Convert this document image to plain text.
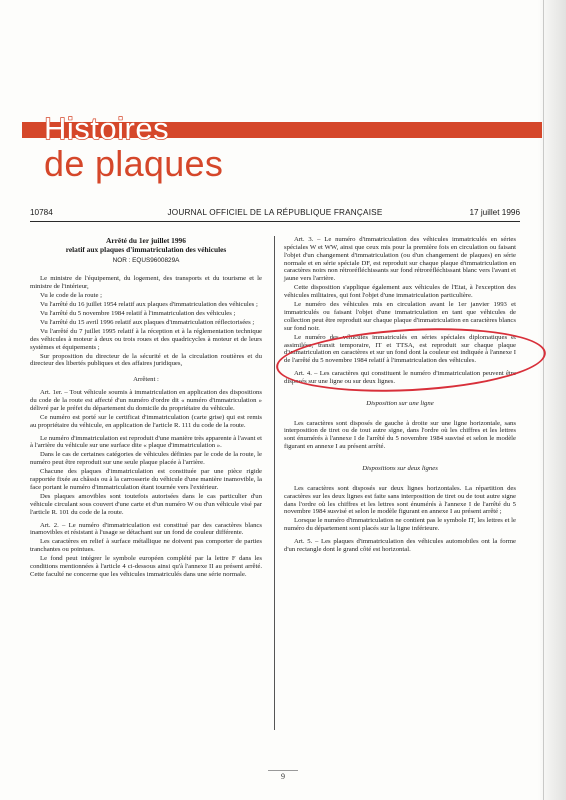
Histoires
de plaques
10784	JOURNAL OFFICIEL DE LA RÉPUBLIQUE FRANÇAISE	17 juillet 1996

Arrêté du 1er juillet 1996
relatif aux plaques d'immatriculation des véhicules

NOR : EQUS9600829A

Le ministre de l'équipement, du logement, des transports et du tourisme et le ministre de l'intérieur,

Vu le code de la route ;

Vu l'arrêté du 16 juillet 1954 relatif aux plaques d'immatriculation des véhicules ;

Vu l'arrêté du 5 novembre 1984 relatif à l'immatriculation des véhicules ;

Vu l'arrêté du 15 avril 1996 relatif aux plaques d'immatriculation réflectorisées ;

Vu l'arrêté du 7 juillet 1995 relatif à la réception et à la réglementation technique des véhicules à moteur à deux ou trois roues et des quadricycles à moteur et de leurs systèmes et équipements ;

Sur proposition du directeur de la sécurité et de la circulation routières et du directeur des libertés publiques et des affaires juridiques,

Arrêtent :

Art. 1er. – Tout véhicule soumis à immatriculation en application des dispositions du code de la route est affecté d'un numéro d'ordre dit « numéro d'immatriculation » délivré par le préfet du département du domicile du propriétaire du véhicule.

Ce numéro est porté sur le certificat d'immatriculation (carte grise) qui est remis au propriétaire du véhicule, en application de l'article R. 111 du code de la route.

Le numéro d'immatriculation est reproduit d'une manière très apparente à l'avant et à l'arrière du véhicule sur une surface dite « plaque d'immatriculation ».

Dans le cas de certaines catégories de véhicules définies par le code de la route, le numéro peut être reproduit sur une seule plaque placée à l'arrière.

Chacune des plaques d'immatriculation est constituée par une pièce rigide rapportée fixée au châssis ou à la carrosserie du véhicule d'une manière inamovible, la face portant le numéro d'immatriculation étant tournée vers l'extérieur.

Des plaques amovibles sont toutefois autorisées dans le cas particulier d'un véhicule circulant sous couvert d'une carte et d'un numéro W ou d'un véhicule visé par l'article R. 101 du code de la route.

Art. 2. – Le numéro d'immatriculation est constitué par des caractères blancs inamovibles et résistant à l'usage se détachant sur un fond de couleur différente.

Les caractères en relief à surface métallique ne doivent pas comporter de parties tranchantes ou pointues.

Le fond peut intégrer le symbole européen complété par la lettre F dans les conditions mentionnées à l'article 4 ci-dessous ainsi qu'à l'annexe II au présent arrêté. Cette faculté ne concerne que les véhicules immatriculés dans une série normale.

Art. 3. – Le numéro d'immatriculation des véhicules immatriculés en séries spéciales W et WW, ainsi que ceux mis pour la première fois en circulation ou faisant l'objet d'un changement d'immatriculation (ou d'un changement de plaques) en série normale et en série spéciale DF, est reproduit sur chaque plaque d'immatriculation en caractères noirs non rétroréfléchissants sur fond rétroréfléchissant blanc vers l'avant et jaune vers l'arrière.

Cette disposition s'applique également aux véhicules de l'Etat, à l'exception des véhicules militaires, qui font l'objet d'une immatriculation particulière.

Le numéro des véhicules mis en circulation avant le 1er janvier 1993 et immatriculés ou faisant l'objet d'une immatriculation en tant que véhicules de collection peut être reproduit sur chaque plaque d'immatriculation en caractères blancs sur fond noir.

Le numéro des véhicules immatriculés en séries spéciales diplomatiques et assimilées, transit temporaire, IT et TTSA, est reproduit sur chaque plaque d'immatriculation en caractères et sur un fond dont la couleur est indiquée à l'annexe I de l'arrêté du 5 novembre 1984 relatif à l'immatriculation des véhicules.

Art. 4. – Les caractères qui constituent le numéro d'immatriculation peuvent être disposés sur une ligne ou sur deux lignes.

Disposition sur une ligne

Les caractères sont disposés de gauche à droite sur une ligne horizontale, sans interposition de tiret ou de tout autre signe, dans l'ordre où les chiffres et les lettres sont énumérés à l'annexe I de l'arrêté du 5 novembre 1984 susvisé et selon le modèle figurant en annexe I au présent arrêté.

Dispositions sur deux lignes

Les caractères sont disposés sur deux lignes horizontales. La répartition des caractères sur les deux lignes est faite sans interposition de tiret ou de tout autre signe dans l'ordre où les chiffres et les lettres sont énumérés à l'annexe I de l'arrêté du 5 novembre 1984 susvisé et selon le modèle figurant en annexe I au présent arrêté ;

Lorsque le numéro d'immatriculation ne contient pas le symbole IT, les lettres et le numéro du département sont placés sur la ligne inférieure.

Art. 5. – Les plaques d'immatriculation des véhicules automobiles ont la forme d'un rectangle dont le grand côté est horizontal.

9
